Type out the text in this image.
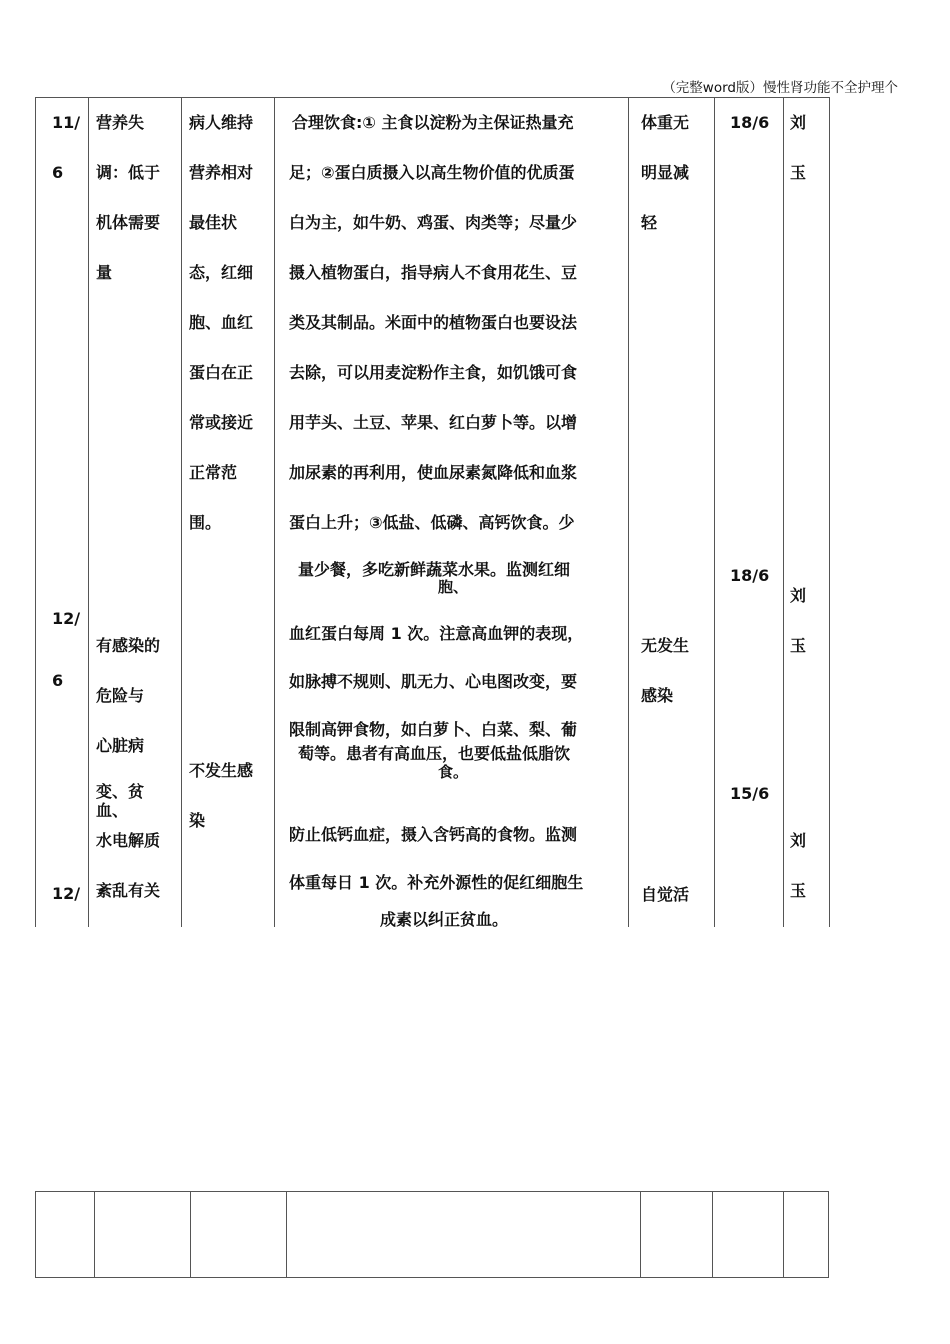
（完整word版）慢性肾功能不全护理个
11/
6
12/
6
12/
营养失
调：低于
机体需要
量
有感染的
危险与
心脏病
变、贫
血、
水电解质
紊乱有关
病人维持
营养相对
最佳状
态，红细
胞、血红
蛋白在正
常或接近
正常范
围。
不发生感
染
合理饮食:① 主食以淀粉为主保证热量充
足；②蛋白质摄入以高生物价值的优质蛋
白为主，如牛奶、鸡蛋、肉类等；尽量少
摄入植物蛋白，指导病人不食用花生、豆
类及其制品。米面中的植物蛋白也要设法
去除，可以用麦淀粉作主食，如饥饿可食
用芋头、土豆、苹果、红白萝卜等。以增
加尿素的再利用，使血尿素氮降低和血浆
蛋白上升；③低盐、低磷、高钙饮食。少
量少餐，多吃新鲜蔬菜水果。监测红细
胞、
血红蛋白每周 1 次。注意高血钾的表现，
如脉搏不规则、肌无力、心电图改变，要
限制高钾食物，如白萝卜、白菜、梨、葡
萄等。患者有高血压，也要低盐低脂饮
食。
防止低钙血症，摄入含钙高的食物。监测
体重每日 1 次。补充外源性的促红细胞生
成素以纠正贫血。
体重无
明显减
轻
无发生
感染
自觉活
18/6
18/6
15/6
刘
玉
刘
玉
刘
玉
